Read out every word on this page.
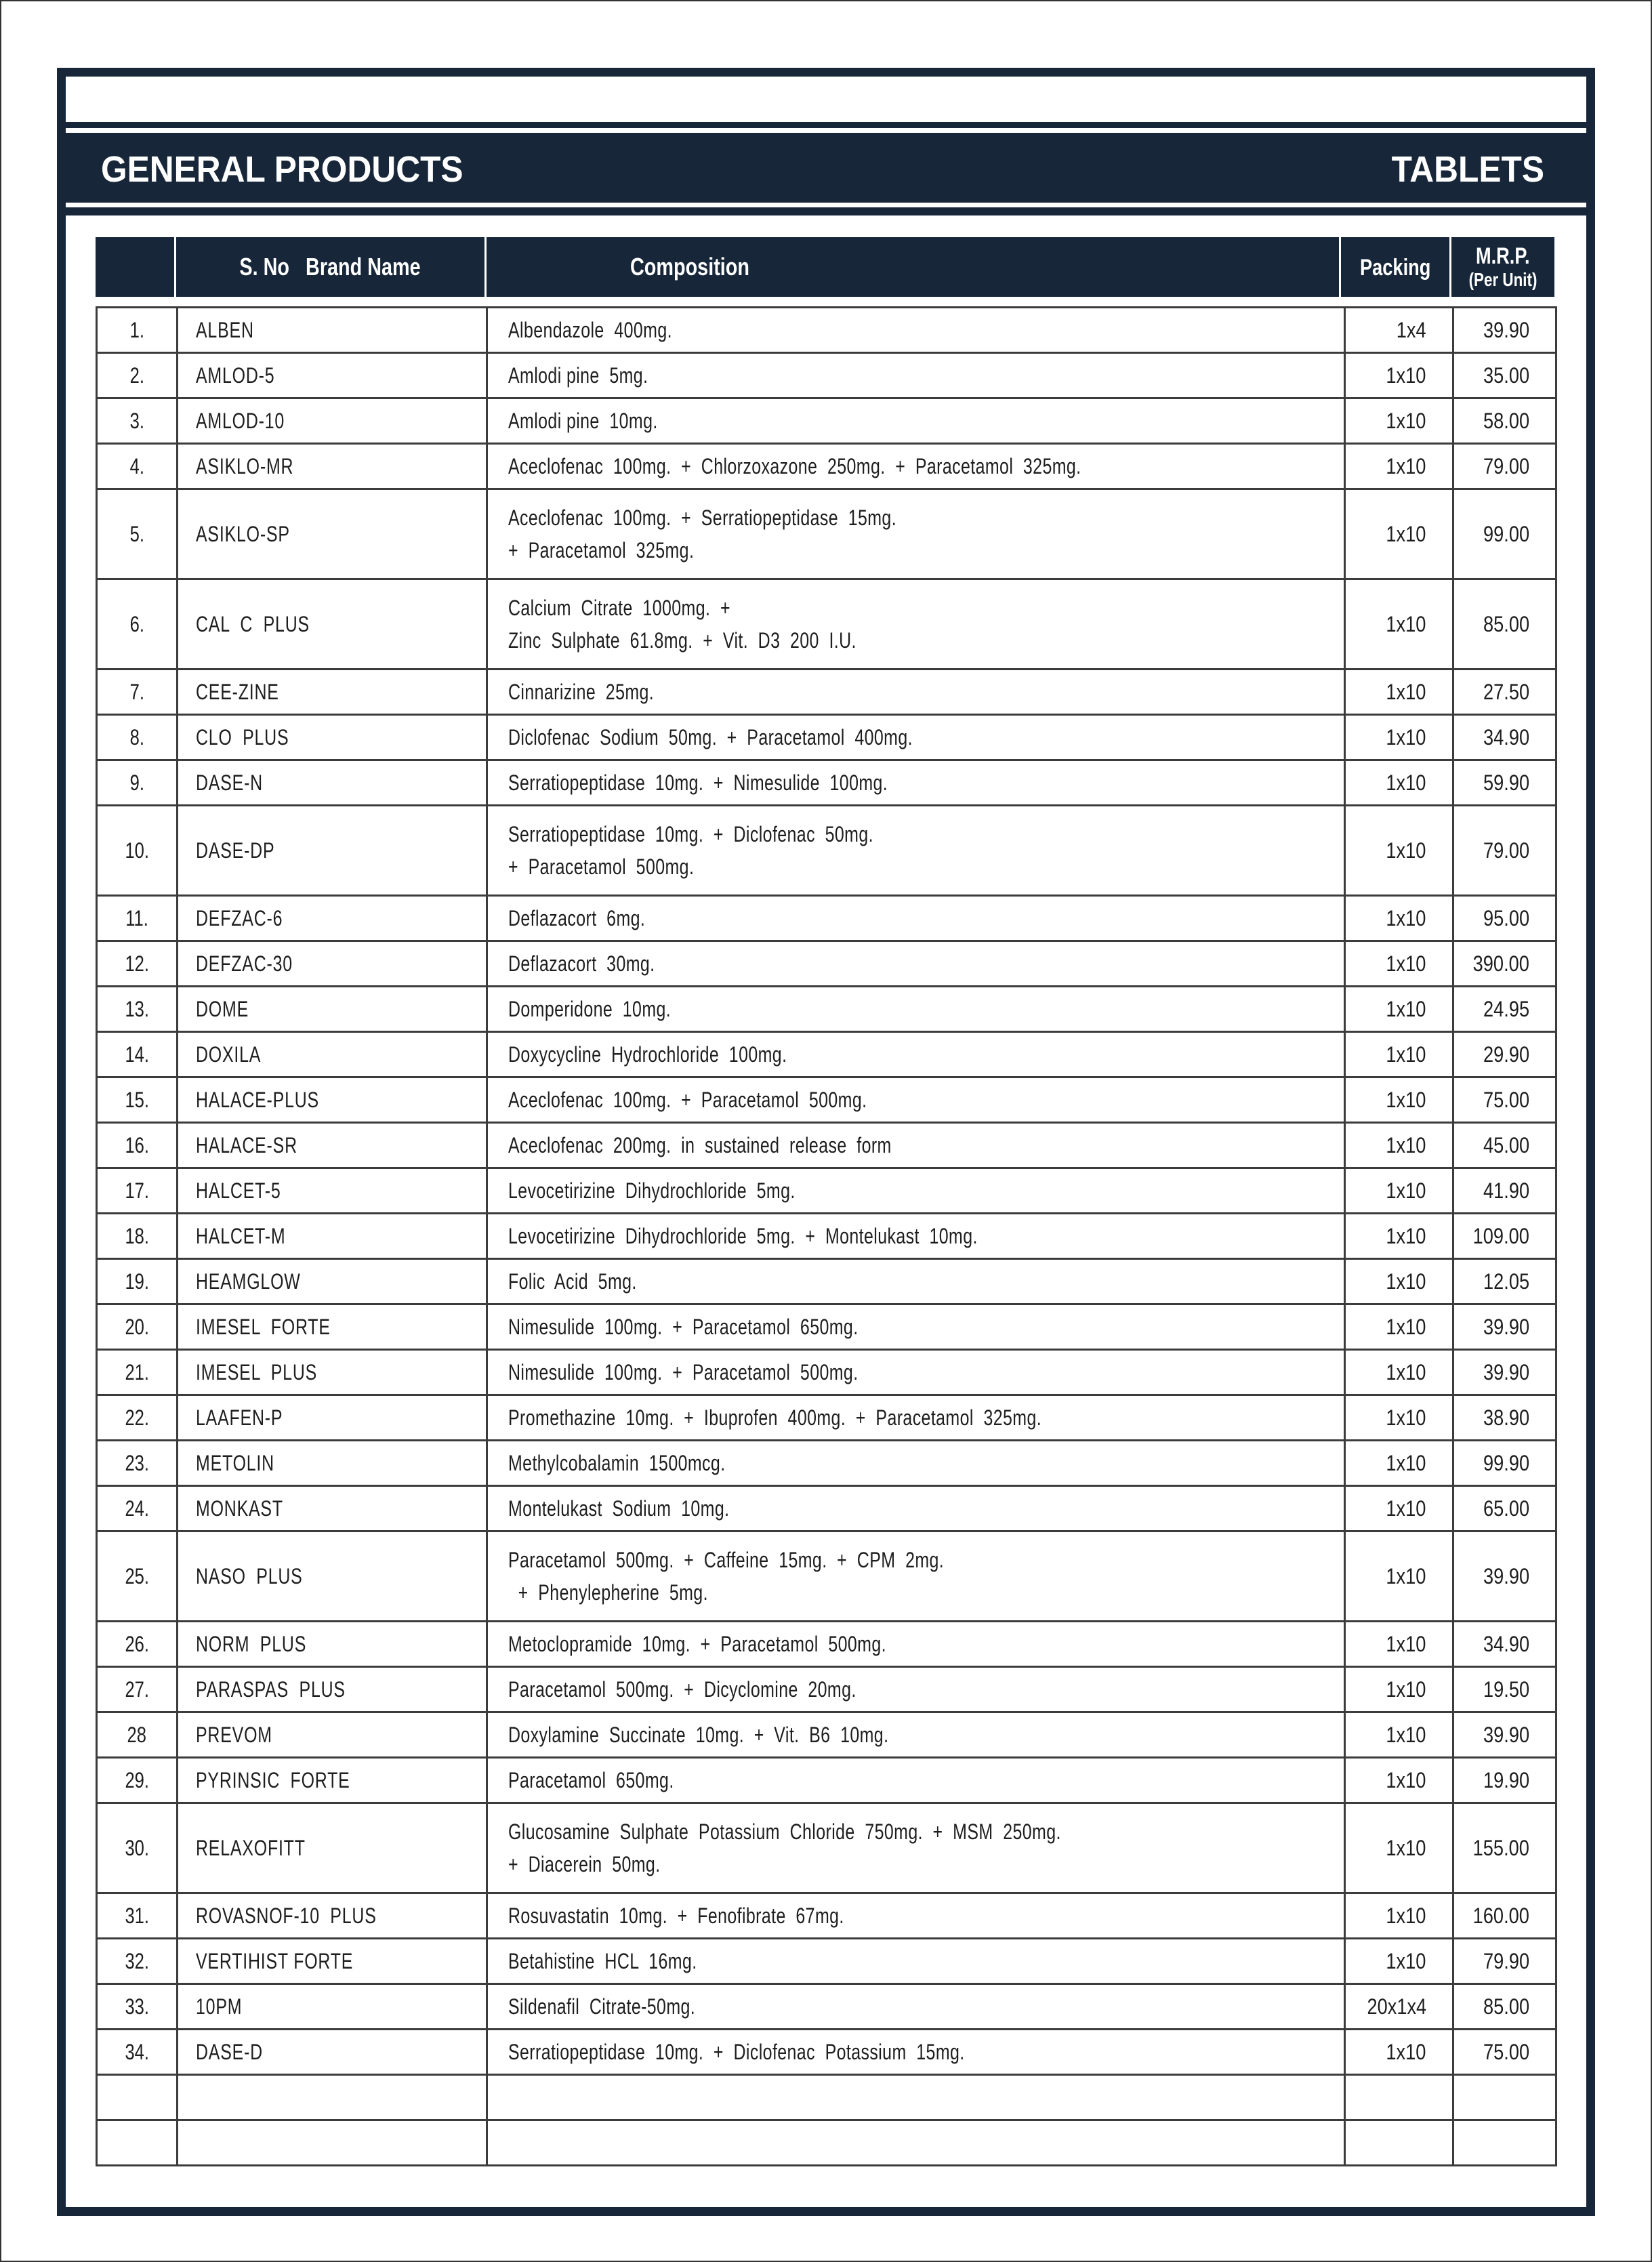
GENERAL PRODUCTS	TABLETS
	S. No   Brand Name	Composition	Packing	M.R.P.
(Per Unit)
1.	ALBEN	Albendazole  400mg.	1x4	39.90
2.	AMLOD-5	Amlodi pine  5mg.	1x10	35.00
3.	AMLOD-10	Amlodi pine  10mg.	1x10	58.00
4.	ASIKLO-MR	Aceclofenac  100mg.  +  Chlorzoxazone  250mg.  +  Paracetamol  325mg.	1x10	79.00
5.	ASIKLO-SP	Aceclofenac  100mg.  +  Serratiopeptidase  15mg.
+  Paracetamol  325mg.	1x10	99.00
6.	CAL  C  PLUS	Calcium  Citrate  1000mg.  +
Zinc  Sulphate  61.8mg.  +  Vit.  D3  200  I.U.	1x10	85.00
7.	CEE-ZINE	Cinnarizine  25mg.	1x10	27.50
8.	CLO  PLUS	Diclofenac  Sodium  50mg.  +  Paracetamol  400mg.	1x10	34.90
9.	DASE-N	Serratiopeptidase  10mg.  +  Nimesulide  100mg.	1x10	59.90
10.	DASE-DP	Serratiopeptidase  10mg.  +  Diclofenac  50mg.
+  Paracetamol  500mg.	1x10	79.00
11.	DEFZAC-6	Deflazacort  6mg.	1x10	95.00
12.	DEFZAC-30	Deflazacort  30mg.	1x10	390.00
13.	DOME	Domperidone  10mg.	1x10	24.95
14.	DOXILA	Doxycycline  Hydrochloride  100mg.	1x10	29.90
15.	HALACE-PLUS	Aceclofenac  100mg.  +  Paracetamol  500mg.	1x10	75.00
16.	HALACE-SR	Aceclofenac  200mg.  in  sustained  release  form	1x10	45.00
17.	HALCET-5	Levocetirizine  Dihydrochloride  5mg.	1x10	41.90
18.	HALCET-M	Levocetirizine  Dihydrochloride  5mg.  +  Montelukast  10mg.	1x10	109.00
19.	HEAMGLOW	Folic  Acid  5mg.	1x10	12.05
20.	IMESEL  FORTE	Nimesulide  100mg.  +  Paracetamol  650mg.	1x10	39.90
21.	IMESEL  PLUS	Nimesulide  100mg.  +  Paracetamol  500mg.	1x10	39.90
22.	LAAFEN-P	Promethazine  10mg.  +  Ibuprofen  400mg.  +  Paracetamol  325mg.	1x10	38.90
23.	METOLIN	Methylcobalamin  1500mcg.	1x10	99.90
24.	MONKAST	Montelukast  Sodium  10mg.	1x10	65.00
25.	NASO  PLUS	Paracetamol  500mg.  +  Caffeine  15mg.  +  CPM  2mg.
+  Phenylepherine  5mg.	1x10	39.90
26.	NORM  PLUS	Metoclopramide  10mg.  +  Paracetamol  500mg.	1x10	34.90
27.	PARASPAS  PLUS	Paracetamol  500mg.  +  Dicyclomine  20mg.	1x10	19.50
28	PREVOM	Doxylamine  Succinate  10mg.  +  Vit.  B6  10mg.	1x10	39.90
29.	PYRINSIC  FORTE	Paracetamol  650mg.	1x10	19.90
30.	RELAXOFITT	Glucosamine  Sulphate  Potassium  Chloride  750mg.  +  MSM  250mg.
+  Diacerein  50mg.	1x10	155.00
31.	ROVASNOF-10  PLUS	Rosuvastatin  10mg.  +  Fenofibrate  67mg.	1x10	160.00
32.	VERTIHIST FORTE	Betahistine  HCL  16mg.	1x10	79.90
33.	10PM	Sildenafil  Citrate-50mg.	20x1x4	85.00
34.	DASE-D	Serratiopeptidase  10mg.  +  Diclofenac  Potassium  15mg.	1x10	75.00
